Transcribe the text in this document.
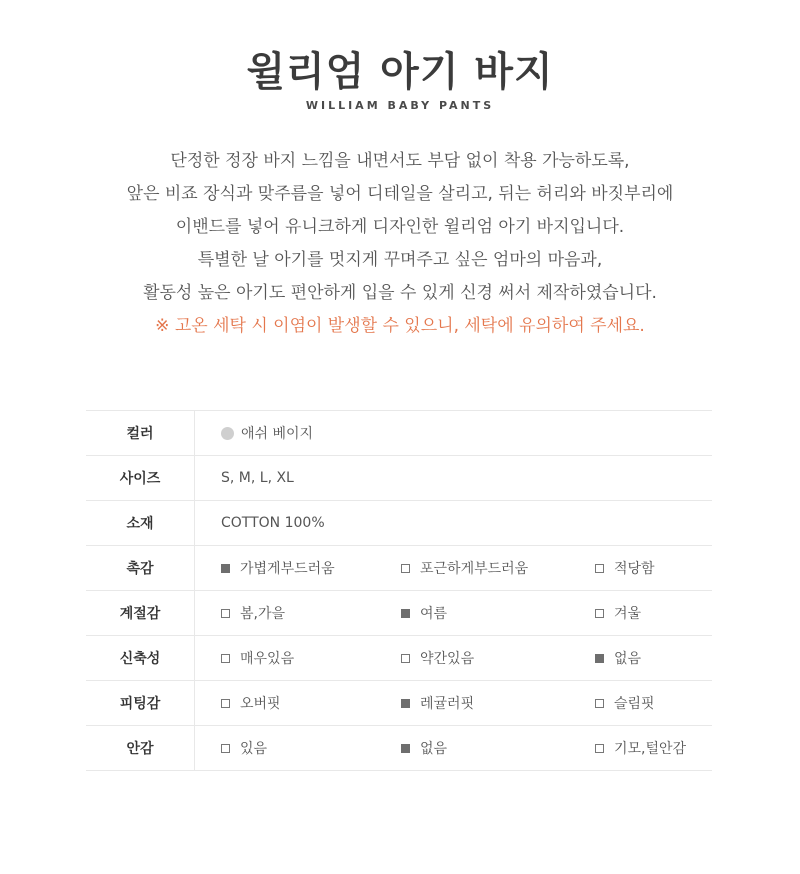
윌리엄 아기 바지
WILLIAM BABY PANTS
단정한 정장 바지 느낌을 내면서도 부담 없이 착용 가능하도록,
앞은 비죠 장식과 맞주름을 넣어 디테일을 살리고, 뒤는 허리와 바짓부리에
이밴드를 넣어 유니크하게 디자인한 윌리엄 아기 바지입니다.
특별한 날 아기를 멋지게 꾸며주고 싶은 엄마의 마음과,
활동성 높은 아기도 편안하게 입을 수 있게 신경 써서 제작하였습니다.
※ 고온 세탁 시 이염이 발생할 수 있으니, 세탁에 유의하여 주세요.
컬러	애쉬 베이지

사이즈	S, M, L, XL

소재	COTTON 100%

촉감	가볍게부드러움 포근하게부드러움 적당함

계절감	봄,가을 여름 겨울

신축성	매우있음 약간있음 없음

피팅감	오버핏 레귤러핏 슬림핏

안감	있음 없음 기모,털안감
